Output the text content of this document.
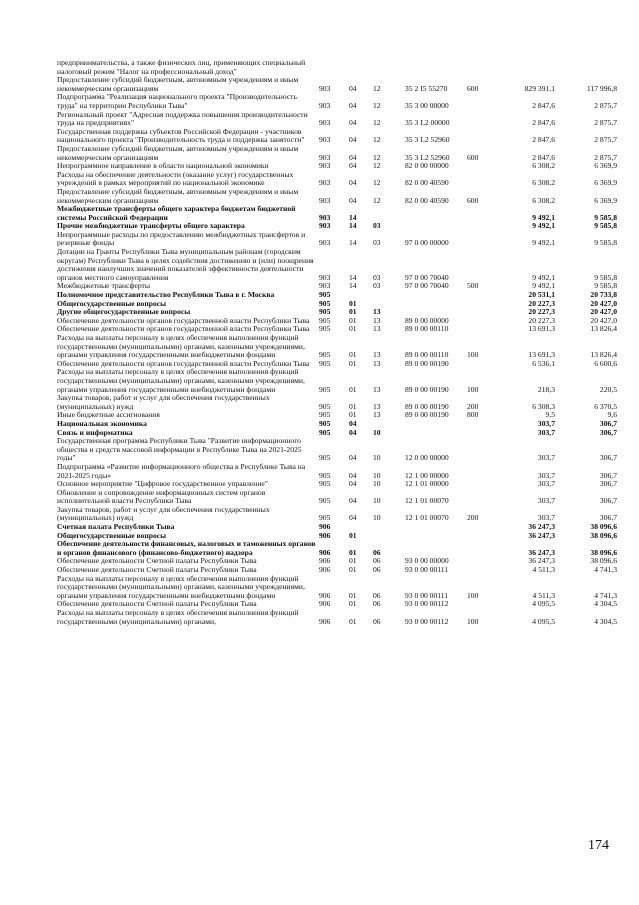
предпринимательства, а также физических лиц, применяющих специальный налоговый режим "Налог на профессиональный доход"							
Предоставление субсидий бюджетным, автономным учреждениям и иным некоммерческим организациям	903	04	12	35 2 I5 55270	600	829 391,1	117 996,8
Подпрограмма "Реализация национального проекта "Производительность труда" на территории Республики Тыва"	903	04	12	35 3 00 00000		2 847,6	2 875,7
Региональный проект "Адресная поддержка повышения производительности труда на предприятиях"	903	04	12	35 3 L2 00000		2 847,6	2 875,7
Государственная поддержка субъектов Российской Федерации - участников национального проекта "Производительность труда и поддержка занятости"	903	04	12	35 3 L2 52960		2 847,6	2 875,7
Предоставление субсидий бюджетным, автономным учреждениям и иным некоммерческим организациям	903	04	12	35 3 L2 52960	600	2 847,6	2 875,7
Непрограммное направление в области национальной экономики	903	04	12	82 0 00 00000		6 308,2	6 369,9
Расходы на обеспечение деятельности (оказание услуг) государственных учреждений в рамках мероприятий по национальной экономике	903	04	12	82 0 00 40590		6 308,2	6 369,9
Предоставление субсидий бюджетным, автономным учреждениям и иным некоммерческим организациям	903	04	12	82 0 00 40590	600	6 308,2	6 369,9
Межбюджетные трансферты общего характера бюджетам бюджетной системы Российской Федерации	903	14				9 492,1	9 585,8
Прочие межбюджетные трансферты общего характера	903	14	03			9 492,1	9 585,8
Непрограммные расходы по предоставлению межбюджетных трансфертов и резервные фонды	903	14	03	97 0 00 00000		9 492,1	9 585,8
Дотации на Гранты Республики Тыва муниципальным районам (городским округам) Республики Тыва в целях содействия достижению и (или) поощрения достижения наилучших значений показателей эффективности деятельности органов местного самоуправления	903	14	03	97 0 00 70040		9 492,1	9 585,8
Межбюджетные трансферты	903	14	03	97 0 00 70040	500	9 492,1	9 585,8
Полномочное представительство Республики Тыва в г. Москва	905					20 531,1	20 733,8
Общегосударственные вопросы	905	01				20 227,3	20 427,0
Другие общегосударственные вопросы	905	01	13			20 227,3	20 427,0
Обеспечение деятельности органов государственной власти Республики Тыва	905	01	13	89 0 00 00000		20 227,3	20 427,0
Обеспечение деятельности органов государственной власти Республики Тыва	905	01	13	89 0 00 00110		13 691,3	13 826,4
Расходы на выплаты персоналу в целях обеспечения выполнения функций государственными (муниципальными) органами, казенными учреждениями, органами управления государственными внебюджетными фондами	905	01	13	89 0 00 00110	100	13 691,3	13 826,4
Обеспечение деятельности органов государственной власти Республики Тыва	905	01	13	89 0 00 00190		6 536,1	6 600,6
Расходы на выплаты персоналу в целях обеспечения выполнения функций государственными (муниципальными) органами, казенными учреждениями, органами управления государственными внебюджетными фондами	905	01	13	89 0 00 00190	100	218,3	220,5
Закупка товаров, работ и услуг для обеспечения государственных (муниципальных) нужд	905	01	13	89 0 00 00190	200	6 308,3	6 370,5
Иные бюджетные ассигнования	905	01	13	89 0 00 00190	800	9,5	9,6
Национальная экономика	905	04				303,7	306,7
Связь и информатика	905	04	10			303,7	306,7
Государственная программа Республики Тыва "Развитие информационного общества и средств массовой информации в Республике Тыва на 2021-2025 годы"	905	04	10	12 0 00 00000		303,7	306,7
Подпрограмма «Развитие информационного общества в Республике Тыва на 2021-2025 годы»	905	04	10	12 1 00 00000		303,7	306,7
Основное мероприятие "Цифровое государственное управление"	905	04	10	12 1 01 00000		303,7	306,7
Обновление и сопровождение информационных систем органов исполнительной власти Республики Тыва	905	04	10	12 1 01 00070		303,7	306,7
Закупка товаров, работ и услуг для обеспечения государственных (муниципальных) нужд	905	04	10	12 1 01 00070	200	303,7	306,7
Счетная палата Республики Тыва	906					36 247,3	38 096,6
Общегосударственные вопросы	906	01				36 247,3	38 096,6
Обеспечение деятельности финансовых, налоговых и таможенных органов и органов финансового (финансово-бюджетного) надзора	906	01	06			36 247,3	38 096,6
Обеспечение деятельности Счетной палаты Республики Тыва	906	01	06	93 0 00 00000		36 247,3	38 096,6
Обеспечение деятельности Счетной палаты Республики Тыва	906	01	06	93 0 00 00111		4 511,3	4 741,3
Расходы на выплаты персоналу в целях обеспечения выполнения функций государственными (муниципальными) органами, казенными учреждениями, органами управления государственными внебюджетными фондами	906	01	06	93 0 00 00111	100	4 511,3	4 741,3
Обеспечение деятельности Счетной палаты Республики Тыва	906	01	06	93 0 00 00112		4 095,5	4 304,5
Расходы на выплаты персоналу в целях обеспечения выполнения функций государственными (муниципальными) органами,	906	01	06	93 0 00 00112	100	4 095,5	4 304,5
174
